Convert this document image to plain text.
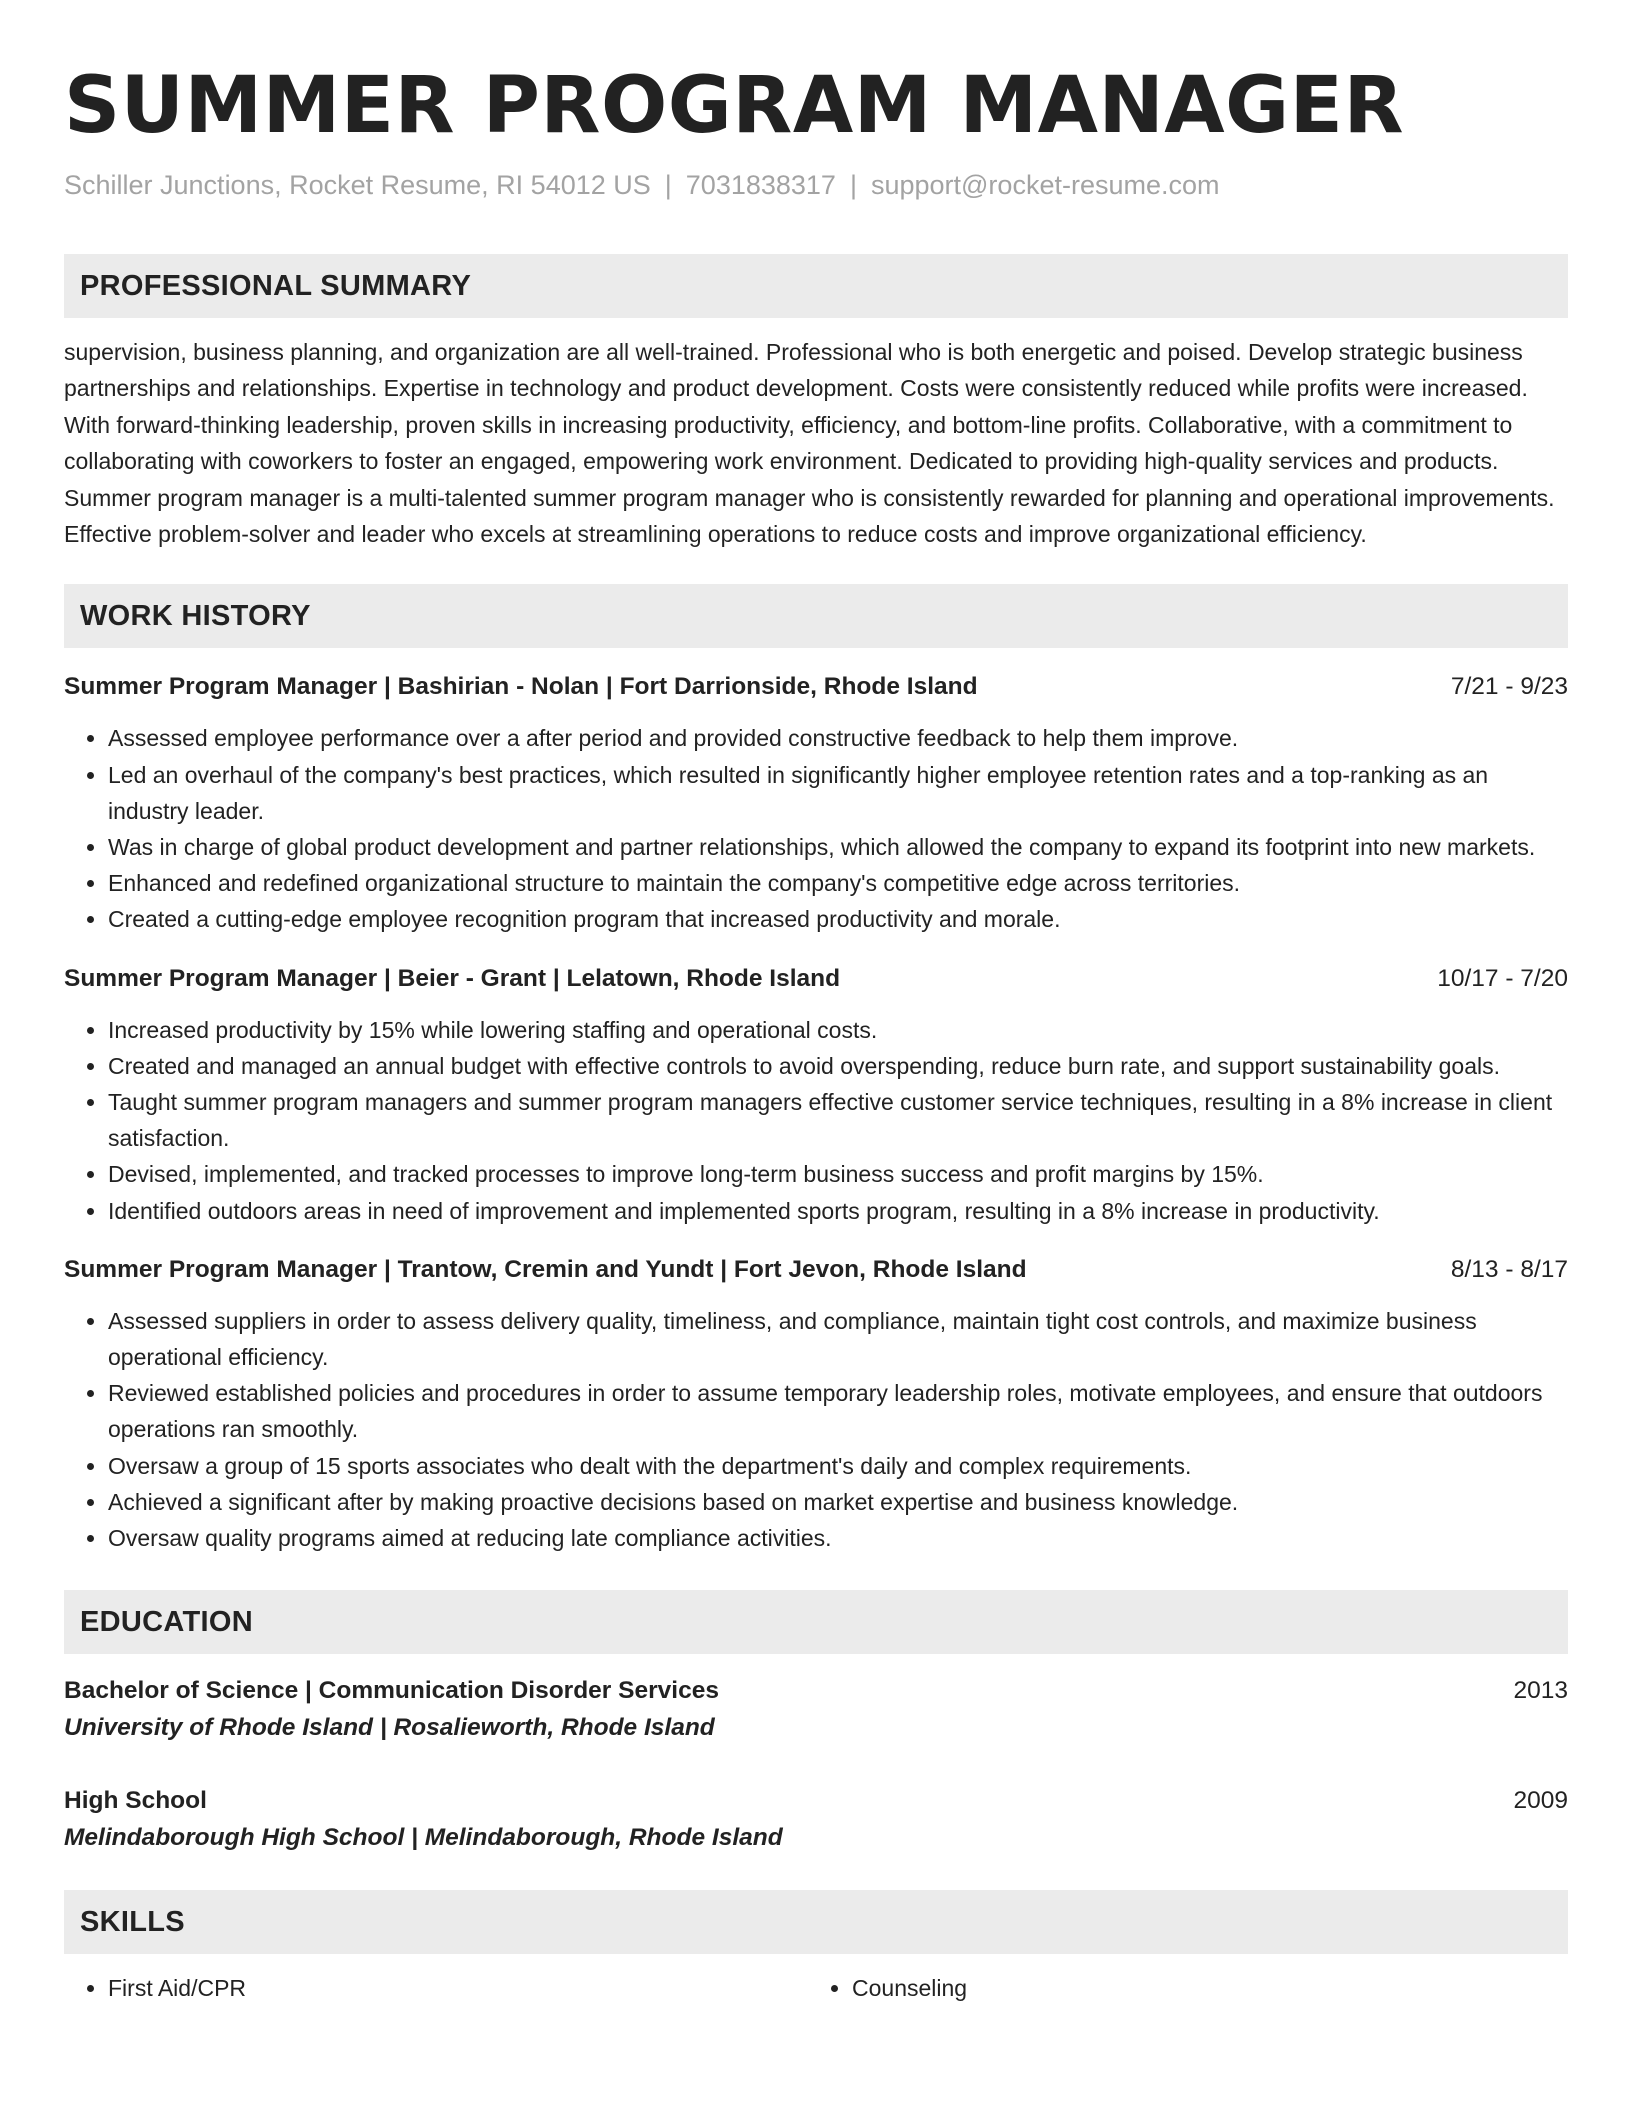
SUMMER PROGRAM MANAGER
Schiller Junctions, Rocket Resume, RI 54012 US | 7031838317 | support@rocket-resume.com
PROFESSIONAL SUMMARY
supervision, business planning, and organization are all well-trained. Professional who is both energetic and poised. Develop strategic business partnerships and relationships. Expertise in technology and product development. Costs were consistently reduced while profits were increased. With forward-thinking leadership, proven skills in increasing productivity, efficiency, and bottom-line profits. Collaborative, with a commitment to collaborating with coworkers to foster an engaged, empowering work environment. Dedicated to providing high-quality services and products. Summer program manager is a multi-talented summer program manager who is consistently rewarded for planning and operational improvements. Effective problem-solver and leader who excels at streamlining operations to reduce costs and improve organizational efficiency.
WORK HISTORY
Summer Program Manager | Bashirian - Nolan | Fort Darrionside, Rhode Island	7/21 - 9/23
• Assessed employee performance over a after period and provided constructive feedback to help them improve.
• Led an overhaul of the company's best practices, which resulted in significantly higher employee retention rates and a top-ranking as an industry leader.
• Was in charge of global product development and partner relationships, which allowed the company to expand its footprint into new markets.
• Enhanced and redefined organizational structure to maintain the company's competitive edge across territories.
• Created a cutting-edge employee recognition program that increased productivity and morale.
Summer Program Manager | Beier - Grant | Lelatown, Rhode Island	10/17 - 7/20
• Increased productivity by 15% while lowering staffing and operational costs.
• Created and managed an annual budget with effective controls to avoid overspending, reduce burn rate, and support sustainability goals.
• Taught summer program managers and summer program managers effective customer service techniques, resulting in a 8% increase in client satisfaction.
• Devised, implemented, and tracked processes to improve long-term business success and profit margins by 15%.
• Identified outdoors areas in need of improvement and implemented sports program, resulting in a 8% increase in productivity.
Summer Program Manager | Trantow, Cremin and Yundt | Fort Jevon, Rhode Island	8/13 - 8/17
• Assessed suppliers in order to assess delivery quality, timeliness, and compliance, maintain tight cost controls, and maximize business operational efficiency.
• Reviewed established policies and procedures in order to assume temporary leadership roles, motivate employees, and ensure that outdoors operations ran smoothly.
• Oversaw a group of 15 sports associates who dealt with the department's daily and complex requirements.
• Achieved a significant after by making proactive decisions based on market expertise and business knowledge.
• Oversaw quality programs aimed at reducing late compliance activities.
EDUCATION
Bachelor of Science | Communication Disorder Services	2013
University of Rhode Island | Rosalieworth, Rhode Island
High School	2009
Melindaborough High School | Melindaborough, Rhode Island
SKILLS
• First Aid/CPR
•	Counseling
